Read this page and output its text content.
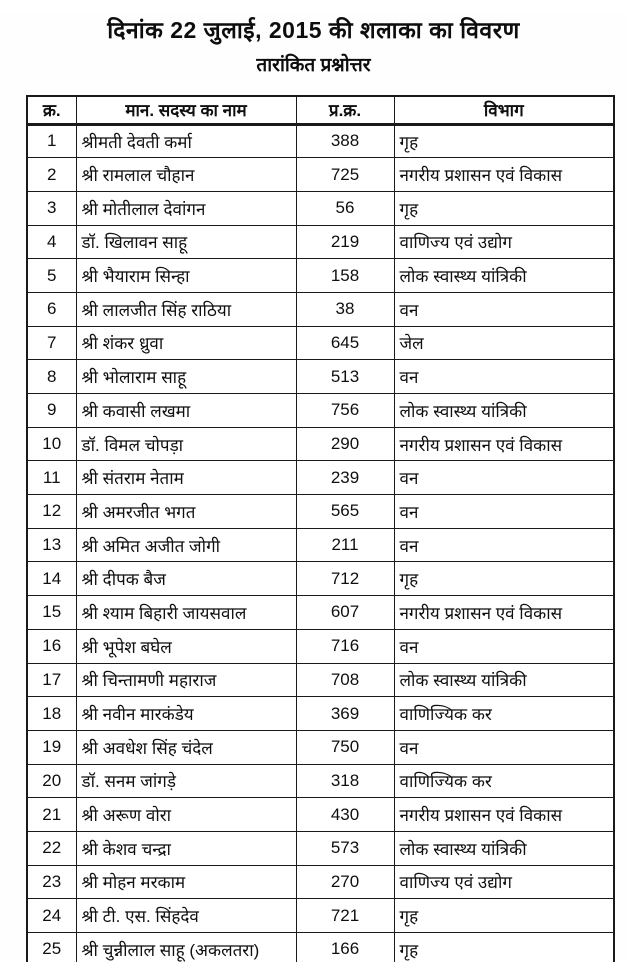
दिनांक 22 जुलाई, 2015 की शलाका का विवरण
तारांकित प्रश्नोत्तर
क्र.	मान. सदस्य का नाम	प्र.क्र.	विभाग
1	श्रीमती देवती कर्मा	388	गृह
2	श्री रामलाल चौहान	725	नगरीय प्रशासन एवं विकास
3	श्री मोतीलाल देवांगन	56	गृह
4	डॉ. खिलावन साहू	219	वाणिज्य एवं उद्योग
5	श्री भैयाराम सिन्हा	158	लोक स्वास्थ्य यांत्रिकी
6	श्री लालजीत सिंह राठिया	38	वन
7	श्री शंकर ध्रुवा	645	जेल
8	श्री भोलाराम साहू	513	वन
9	श्री कवासी लखमा	756	लोक स्वास्थ्य यांत्रिकी
10	डॉ. विमल चोपड़ा	290	नगरीय प्रशासन एवं विकास
11	श्री संतराम नेताम	239	वन
12	श्री अमरजीत भगत	565	वन
13	श्री अमित अजीत जोगी	211	वन
14	श्री दीपक बैज	712	गृह
15	श्री श्याम बिहारी जायसवाल	607	नगरीय प्रशासन एवं विकास
16	श्री भूपेश बघेल	716	वन
17	श्री चिन्तामणी महाराज	708	लोक स्वास्थ्य यांत्रिकी
18	श्री नवीन मारकंडेय	369	वाणिज्यिक कर
19	श्री अवधेश सिंह चंदेल	750	वन
20	डॉ. सनम जांगड़े	318	वाणिज्यिक कर
21	श्री अरूण वोरा	430	नगरीय प्रशासन एवं विकास
22	श्री केशव चन्द्रा	573	लोक स्वास्थ्य यांत्रिकी
23	श्री मोहन मरकाम	270	वाणिज्य एवं उद्योग
24	श्री टी. एस. सिंहदेव	721	गृह
25	श्री चुन्नीलाल साहू (अकलतरा)	166	गृह
